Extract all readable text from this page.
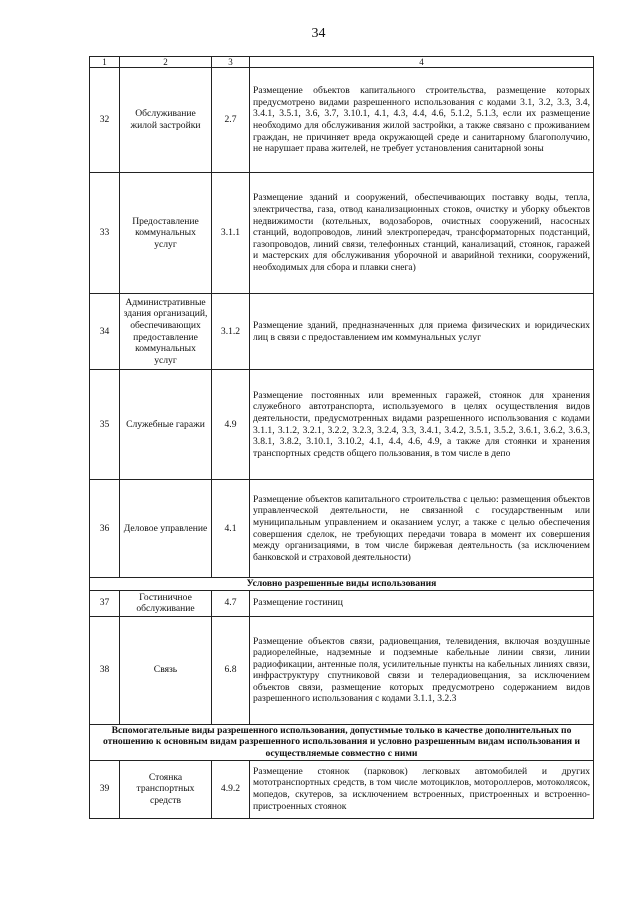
34
1	2	3	4
32	Обслуживание жилой застройки	2.7	Размещение объектов капитального строительства, размещение которых предусмотрено видами разрешенного использования с кодами 3.1, 3.2, 3.3, 3.4, 3.4.1, 3.5.1, 3.6, 3.7, 3.10.1, 4.1, 4.3, 4.4, 4.6, 5.1.2, 5.1.3, если их размещение необходимо для обслуживания жилой застройки, а также связано с проживанием граждан, не причиняет вреда окружающей среде и санитарному благополучию, не нарушает права жителей, не требует установления санитарной зоны
33	Предоставление коммунальных услуг	3.1.1	Размещение зданий и сооружений, обеспечивающих поставку воды, тепла, электричества, газа, отвод канализационных стоков, очистку и уборку объектов недвижимости (котельных, водозаборов, очистных сооружений, насосных станций, водопроводов, линий электропередач, трансформаторных подстанций, газопроводов, линий связи, телефонных станций, канализаций, стоянок, гаражей и мастерских для обслуживания уборочной и аварийной техники, сооружений, необходимых для сбора и плавки снега)
34	Административные здания организаций, обеспечивающих предоставление коммунальных услуг	3.1.2	Размещение зданий, предназначенных для приема физических и юридических лиц в связи с предоставлением им коммунальных услуг
35	Служебные гаражи	4.9	Размещение постоянных или временных гаражей, стоянок для хранения служебного автотранспорта, используемого в целях осуществления видов деятельности, предусмотренных видами разрешенного использования с кодами 3.1.1, 3.1.2, 3.2.1, 3.2.2, 3.2.3, 3.2.4, 3.3, 3.4.1, 3.4.2, 3.5.1, 3.5.2, 3.6.1, 3.6.2, 3.6.3, 3.8.1, 3.8.2, 3.10.1, 3.10.2, 4.1, 4.4, 4.6, 4.9, а также для стоянки и хранения транспортных средств общего пользования, в том числе в депо
36	Деловое управление	4.1	Размещение объектов капитального строительства с целью: размещения объектов управленческой деятельности, не связанной с государственным или муниципальным управлением и оказанием услуг, а также с целью обеспечения совершения сделок, не требующих передачи товара в момент их совершения между организациями, в том числе биржевая деятельность (за исключением банковской и страховой деятельности)
Условно разрешенные виды использования			
37	Гостиничное обслуживание	4.7	Размещение гостиниц
38	Связь	6.8	Размещение объектов связи, радиовещания, телевидения, включая воздушные радиорелейные, надземные и подземные кабельные линии связи, линии радиофикации, антенные поля, усилительные пункты на кабельных линиях связи, инфраструктуру спутниковой связи и телерадиовещания, за исключением объектов связи, размещение которых предусмотрено содержанием видов разрешенного использования с кодами 3.1.1, 3.2.3
Вспомогательные виды разрешенного использования, допустимые только в качестве дополнительных по отношению к основным видам разрешенного использования и условно разрешенным видам использования и осуществляемые совместно с ними			
39	Стоянка транспортных средств	4.9.2	Размещение стоянок (парковок) легковых автомобилей и других мототранспортных средств, в том числе мотоциклов, мотороллеров, мотоколясок, мопедов, скутеров, за исключением встроенных, пристроенных и встроенно-пристроенных стоянок
